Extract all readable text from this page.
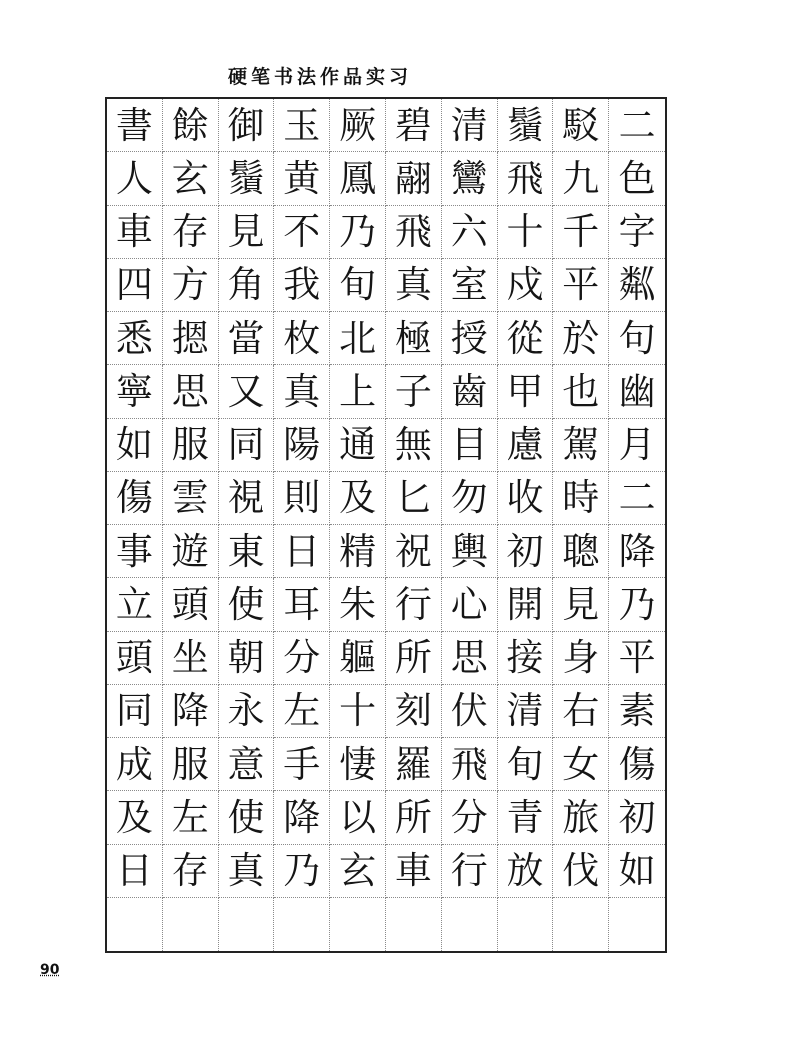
硬笔书法作品实习
書 餘 御 玉 厥 碧 清 鬚 駁 二
人 玄 鬚 黄 鳳 翮 鸞 飛 九 色
車 存 見 不 乃 飛 六 十 千 字
四 方 角 我 旬 真 室 戍 平 粼
悉 摁 當 枚 北 極 授 從 於 句
寧 思 又 真 上 子 齒 甲 也 幽
如 服 同 陽 通 無 目 慮 駕 月
傷 雲 視 則 及 匕 勿 收 時 二
事 遊 東 日 精 祝 輿 初 聰 降
立 頭 使 耳 朱 行 心 開 見 乃
頭 坐 朝 分 軀 所 思 接 身 平
同 降 永 左 十 刻 伏 清 右 素
成 服 意 手 悽 羅 飛 旬 女 傷
及 左 使 降 以 所 分 青 旅 初
日 存 真 乃 玄 車 行 放 伐 如
90
